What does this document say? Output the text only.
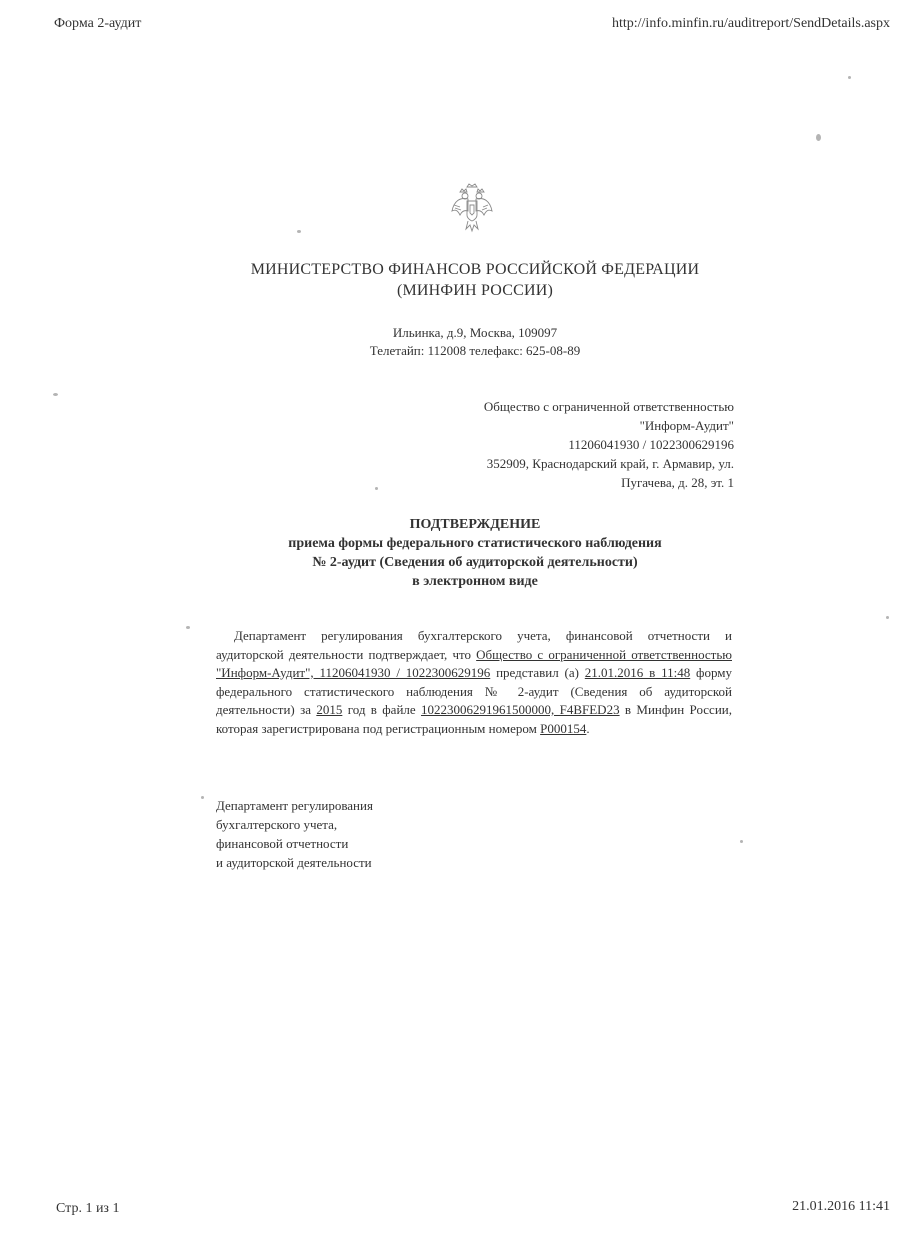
Форма 2-аудит	http://info.minfin.ru/auditreport/SendDetails.aspx
МИНИСТЕРСТВО ФИНАНСОВ РОССИЙСКОЙ ФЕДЕРАЦИИ
(МИНФИН РОССИИ)
Ильинка, д.9, Москва, 109097
Телетайп: 112008 телефакс: 625-08-89
Общество с ограниченной ответственностью
"Информ-Аудит"
11206041930 / 1022300629196
352909, Краснодарский край, г. Армавир, ул.
Пугачева, д. 28, эт. 1
ПОДТВЕРЖДЕНИЕ
приема формы федерального статистического наблюдения
№ 2-аудит (Сведения об аудиторской деятельности)
в электронном виде
Департамент регулирования бухгалтерского учета, финансовой отчетности и аудиторской деятельности подтверждает, что Общество с ограниченной ответственностью "Информ-Аудит", 11206041930 / 1022300629196 представил (а) 21.01.2016 в 11:48 форму федерального статистического наблюдения № 2-аудит (Сведения об аудиторской деятельности) за 2015 год в файле 10223006291961500000, F4BFED23 в Минфин России, которая зарегистрирована под регистрационным номером P000154.
Департамент регулирования
бухгалтерского учета,
финансовой отчетности
и аудиторской деятельности
Стр. 1 из 1	21.01.2016 11:41
